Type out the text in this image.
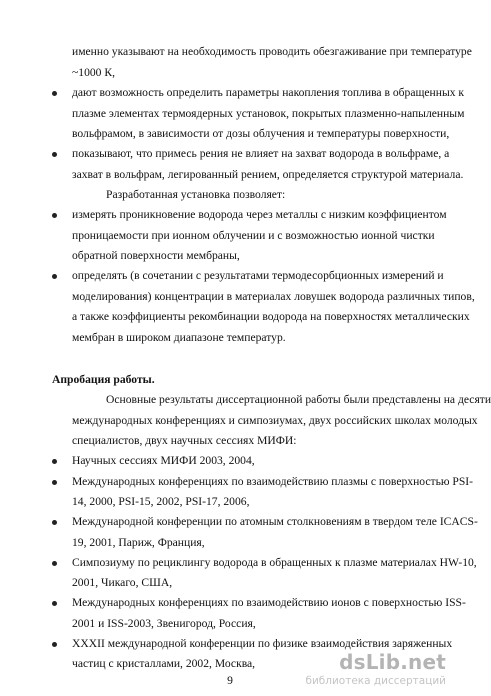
именно указывают на необходимость проводить обезгаживание при температуре
~1000 К,
дают возможность определить параметры накопления топлива в обращенных к
плазме элементах термоядерных установок, покрытых плазменно-напыленным
вольфрамом, в зависимости от дозы облучения и температуры поверхности,
показывают, что примесь рения не влияет на захват водорода в вольфраме, а
захват в вольфрам, легированный рением, определяется структурой материала.
Разработанная установка позволяет:
измерять проникновение водорода через металлы с низким коэффициентом
проницаемости при ионном облучении и с возможностью ионной чистки
обратной поверхности мембраны,
определять (в сочетании с результатами термодесорбционных измерений и
моделирования) концентрации в материалах ловушек водорода различных типов,
а также коэффициенты рекомбинации водорода на поверхностях металлических
мембран в широком диапазоне температур.
Апробация работы.
Основные результаты диссертационной работы были представлены на десяти
международных конференциях и симпозиумах, двух российских школах молодых
специалистов, двух научных сессиях МИФИ:
Научных сессиях МИФИ 2003, 2004,
Международных конференциях по взаимодействию плазмы с поверхностью PSI-
14, 2000, PSI-15, 2002, PSI-17, 2006,
Международной конференции по атомным столкновениям в твердом теле ICACS-
19, 2001, Париж, Франция,
Симпозиуму по рециклингу водорода в обращенных к плазме материалах HW-10,
2001, Чикаго, США,
Международных конференциях по взаимодействию ионов с поверхностью ISS-
2001 и ISS-2003, Звенигород, Россия,
XXXII международной конференции по физике взаимодействия заряженных
частиц с кристаллами, 2002, Москва,
9
dsLib.net
библиотека диссертаций
